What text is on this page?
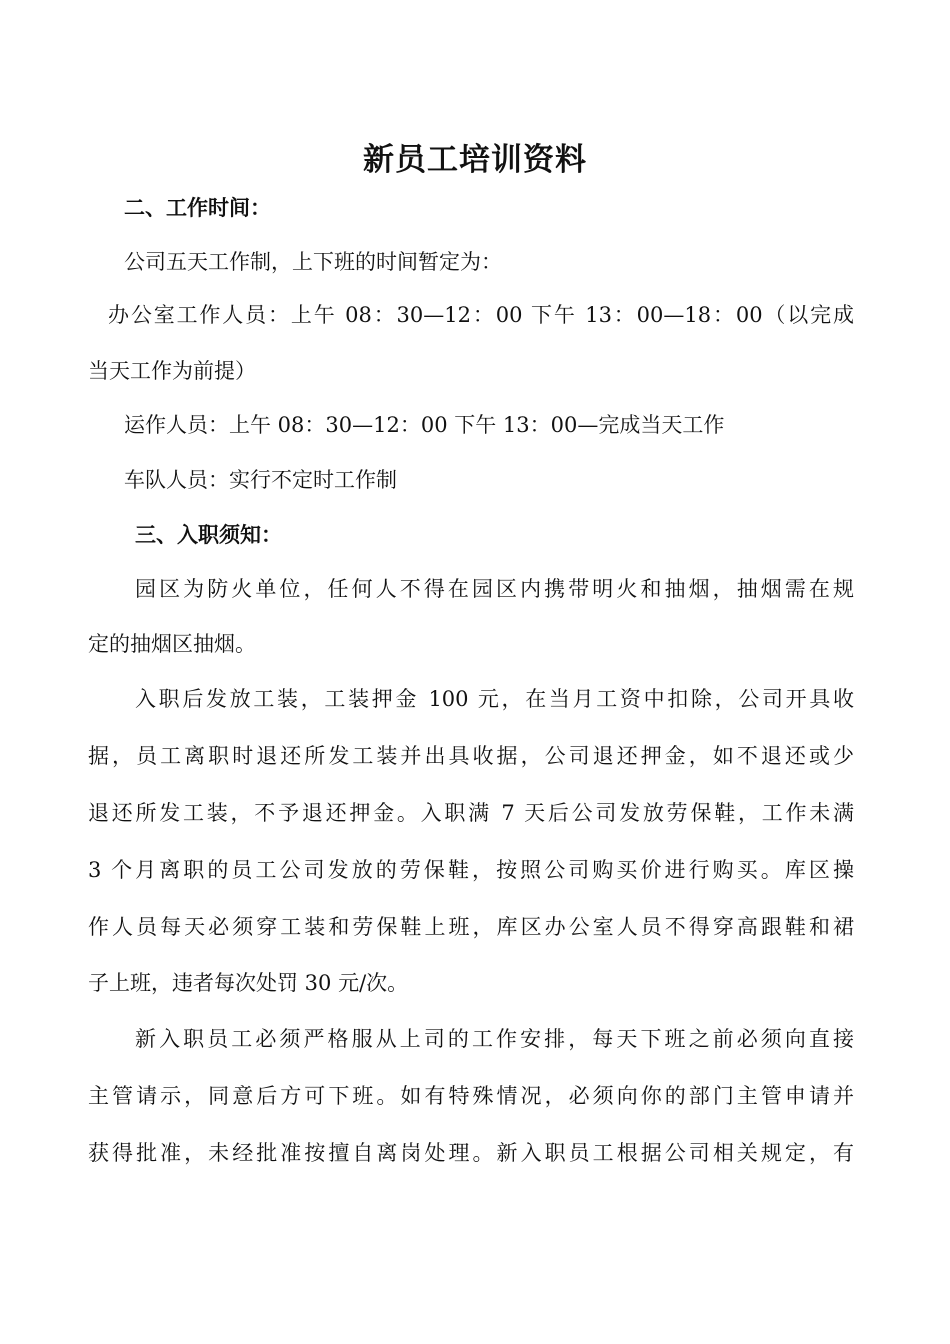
新员工培训资料
二、工作时间：
公司五天工作制，上下班的时间暂定为：
办公室工作人员：上午 08：30—12：00 下午 13：00—18：00（以完成
当天工作为前提）
运作人员：上午 08：30—12：00 下午 13：00—完成当天工作
车队人员：实行不定时工作制
三、入职须知：
园区为防火单位，任何人不得在园区内携带明火和抽烟，抽烟需在规
定的抽烟区抽烟。
入职后发放工装，工装押金 100 元，在当月工资中扣除，公司开具收
据，员工离职时退还所发工装并出具收据，公司退还押金，如不退还或少
退还所发工装，不予退还押金。入职满 7 天后公司发放劳保鞋，工作未满
3 个月离职的员工公司发放的劳保鞋，按照公司购买价进行购买。库区操
作人员每天必须穿工装和劳保鞋上班，库区办公室人员不得穿高跟鞋和裙
子上班，违者每次处罚 30 元/次。
新入职员工必须严格服从上司的工作安排，每天下班之前必须向直接
主管请示，同意后方可下班。如有特殊情况，必须向你的部门主管申请并
获得批准，未经批准按擅自离岗处理。新入职员工根据公司相关规定，有
